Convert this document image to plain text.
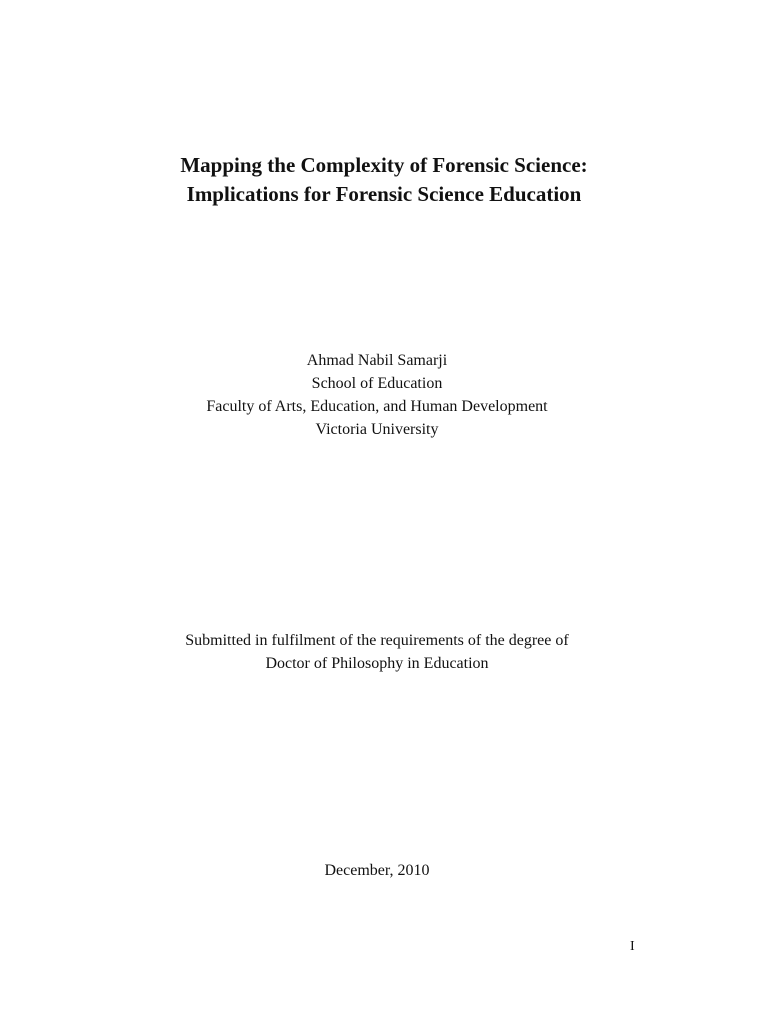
Mapping the Complexity of Forensic Science:
Implications for Forensic Science Education
Ahmad Nabil Samarji
School of Education
Faculty of Arts, Education, and Human Development
Victoria University
Submitted in fulfilment of the requirements of the degree of
Doctor of Philosophy in Education
December, 2010
I
